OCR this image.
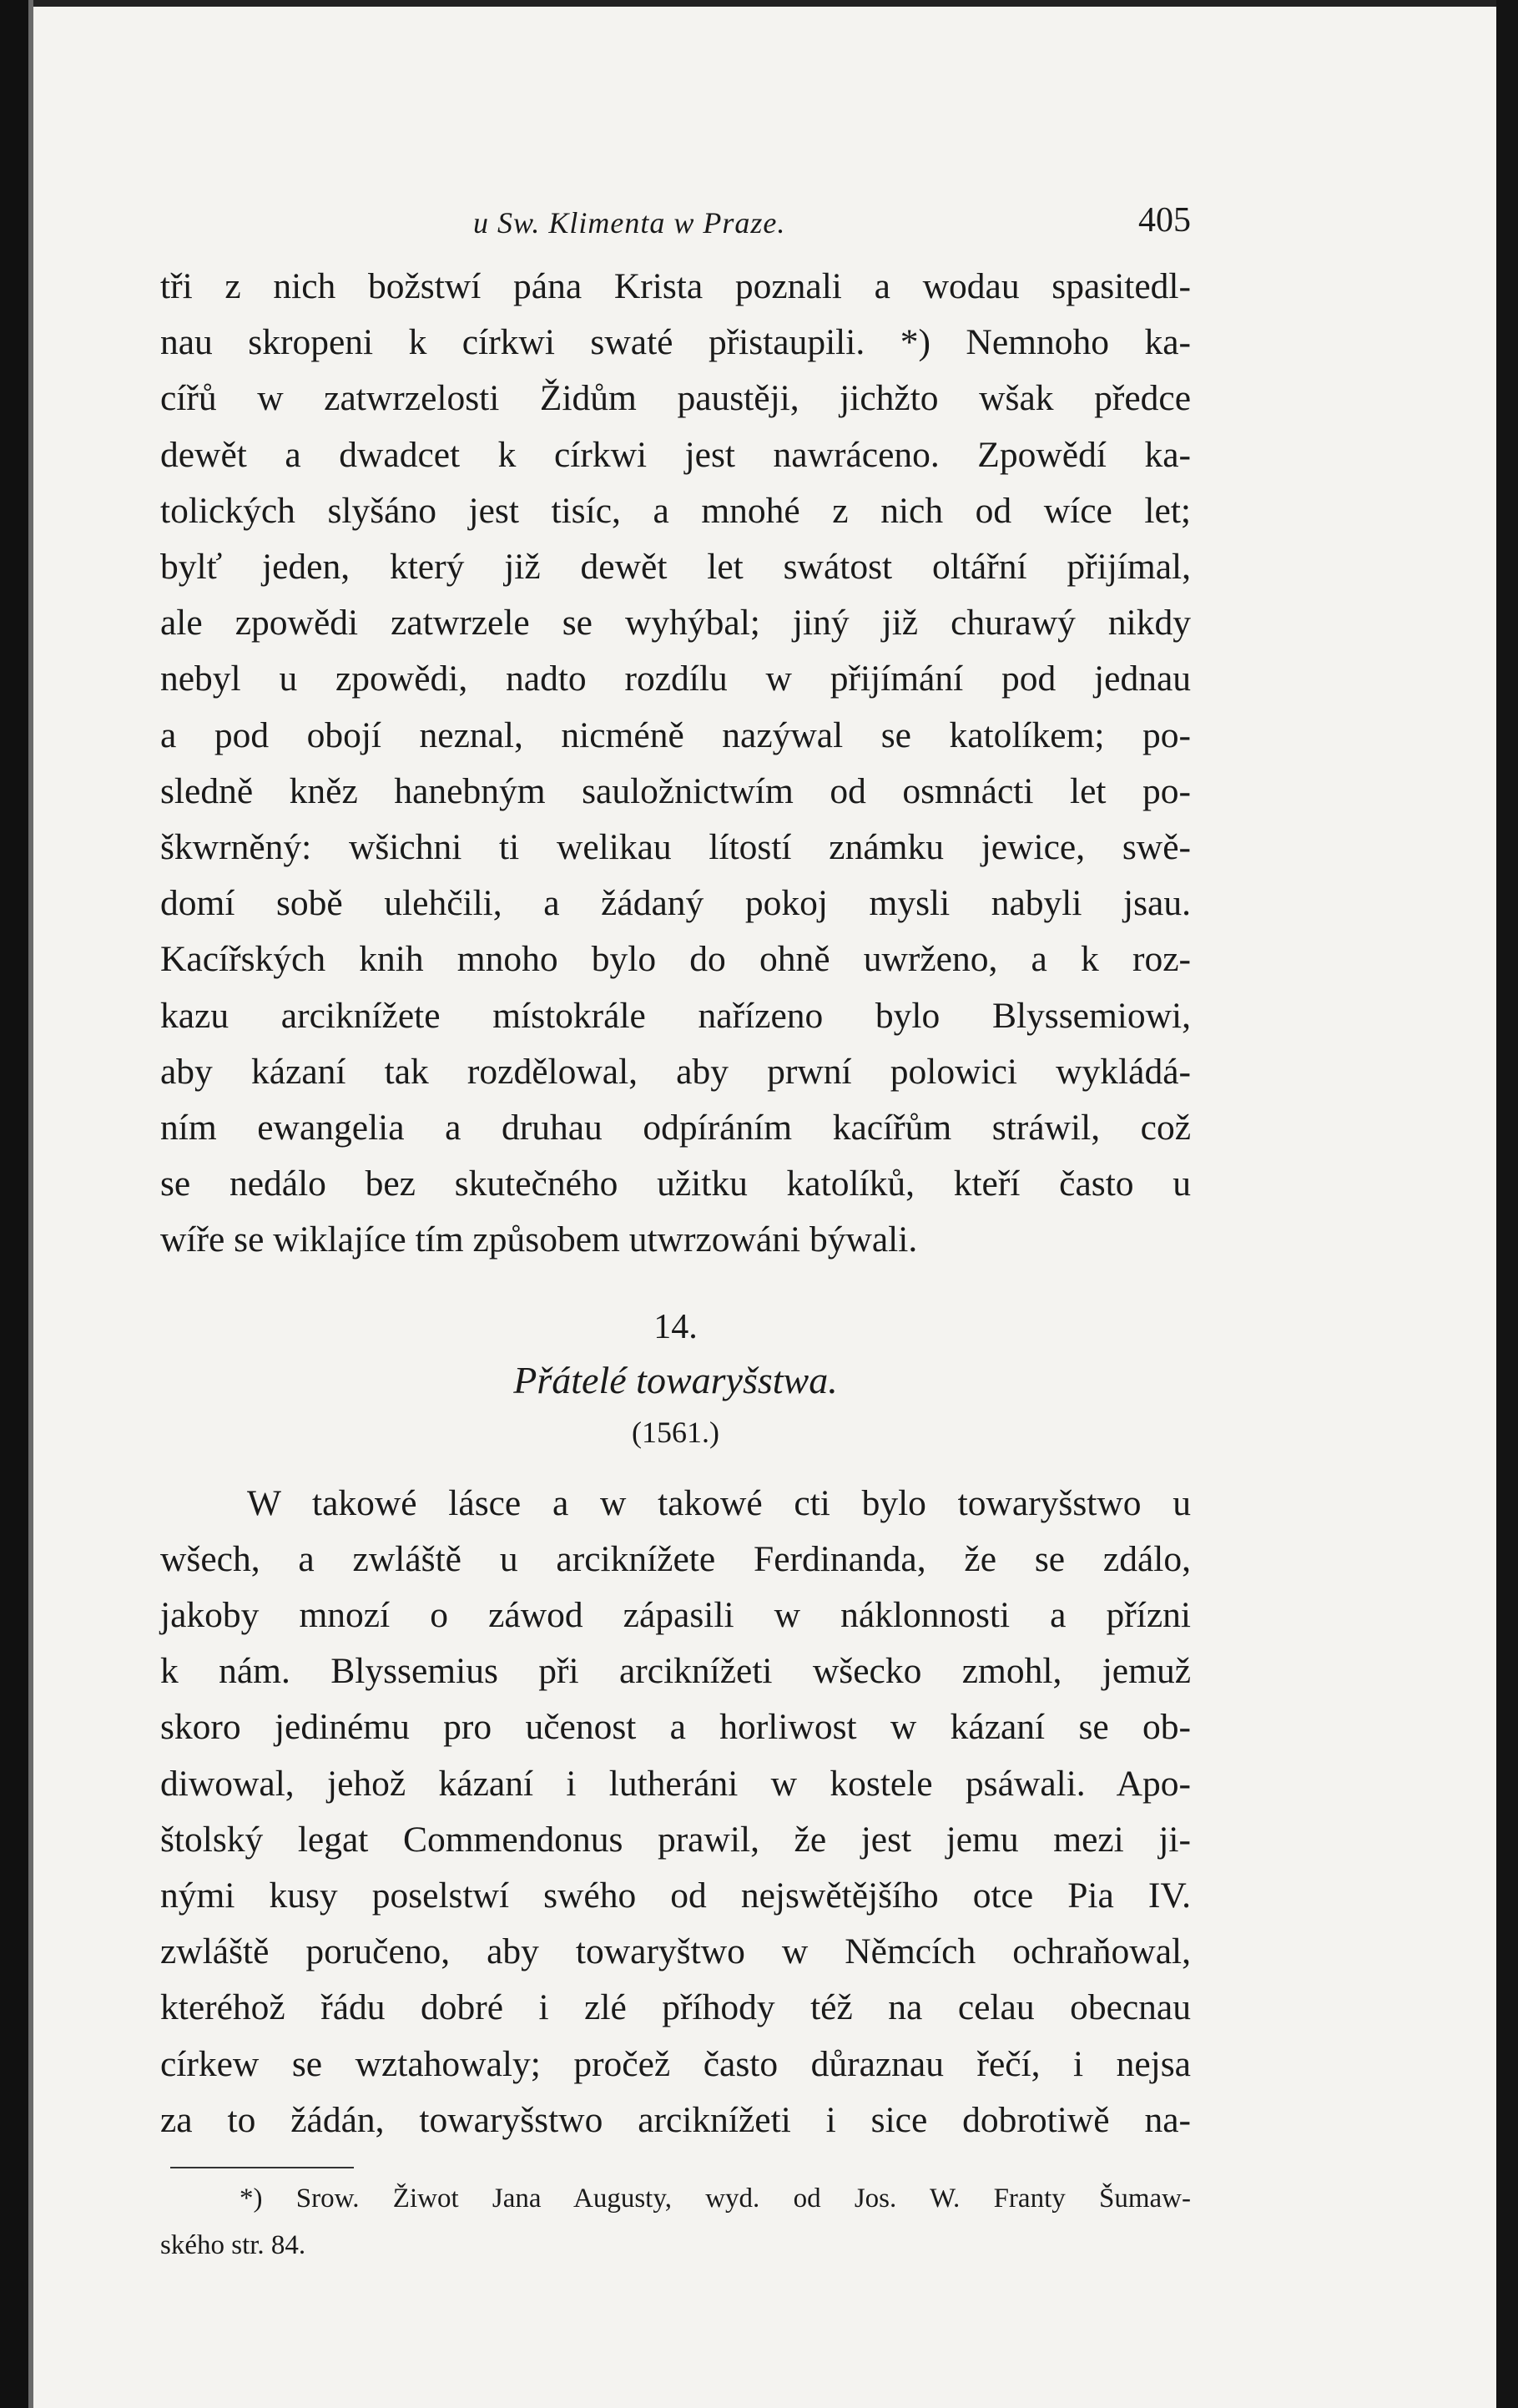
u Sw. Klimenta w Praze.	405

tři z nich božstwí pána Krista poznali a wodau spasitedl-
nau skropeni k církwi swaté přistaupili. *) Nemnoho ka-
cířů w zatwrzelosti Židům paustěji, jichžto wšak předce
dewět a dwadcet k církwi jest nawráceno. Zpowědí ka-
tolických slyšáno jest tisíc, a mnohé z nich od wíce let;
bylť jeden, který již dewět let swátost oltářní přijímal,
ale zpowědi zatwrzele se wyhýbal; jiný již churawý nikdy
nebyl u zpowědi, nadto rozdílu w přijímání pod jednau
a pod obojí neznal, nicméně nazýwal se katolíkem; po-
sledně kněz hanebným sauložnictwím od osmnácti let po-
škwrněný: wšichni ti welikau lítostí známku jewice, swě-
domí sobě ulehčili, a žádaný pokoj mysli nabyli jsau.
Kacířských knih mnoho bylo do ohně uwrženo, a k roz-
kazu arciknížete místokrále nařízeno bylo Blyssemiowi,
aby kázaní tak rozdělowal, aby prwní polowici wykládá-
ním ewangelia a druhau odpíráním kacířům stráwil, což
se nedálo bez skutečného užitku katolíků, kteří často u
wíře se wiklajíce tím způsobem utwrzowáni býwali.

14.
Přátelé towaryšstwa.
(1561.)

W takowé lásce a w takowé cti bylo towaryšstwo u
wšech, a zwláště u arciknížete Ferdinanda, že se zdálo,
jakoby mnozí o záwod zápasili w náklonnosti a přízni
k nám. Blyssemius při arciknížeti wšecko zmohl, jemuž
skoro jedinému pro učenost a horliwost w kázaní se ob-
diwowal, jehož kázaní i lutheráni w kostele psáwali. Apo-
štolský legat Commendonus prawil, že jest jemu mezi ji-
nými kusy poselstwí swého od nejswětějšího otce Pia IV.
zwláště poručeno, aby towaryštwo w Němcích ochraňowal,
kteréhož řádu dobré i zlé příhody též na celau obecnau
církew se wztahowaly; pročež často důraznau řečí, i nejsa
za to žádán, towaryšstwo arciknížeti i sice dobrotiwě na-

*) Srow. Žiwot Jana Augusty, wyd. od Jos. W. Franty Šumaw-
ského str. 84.
